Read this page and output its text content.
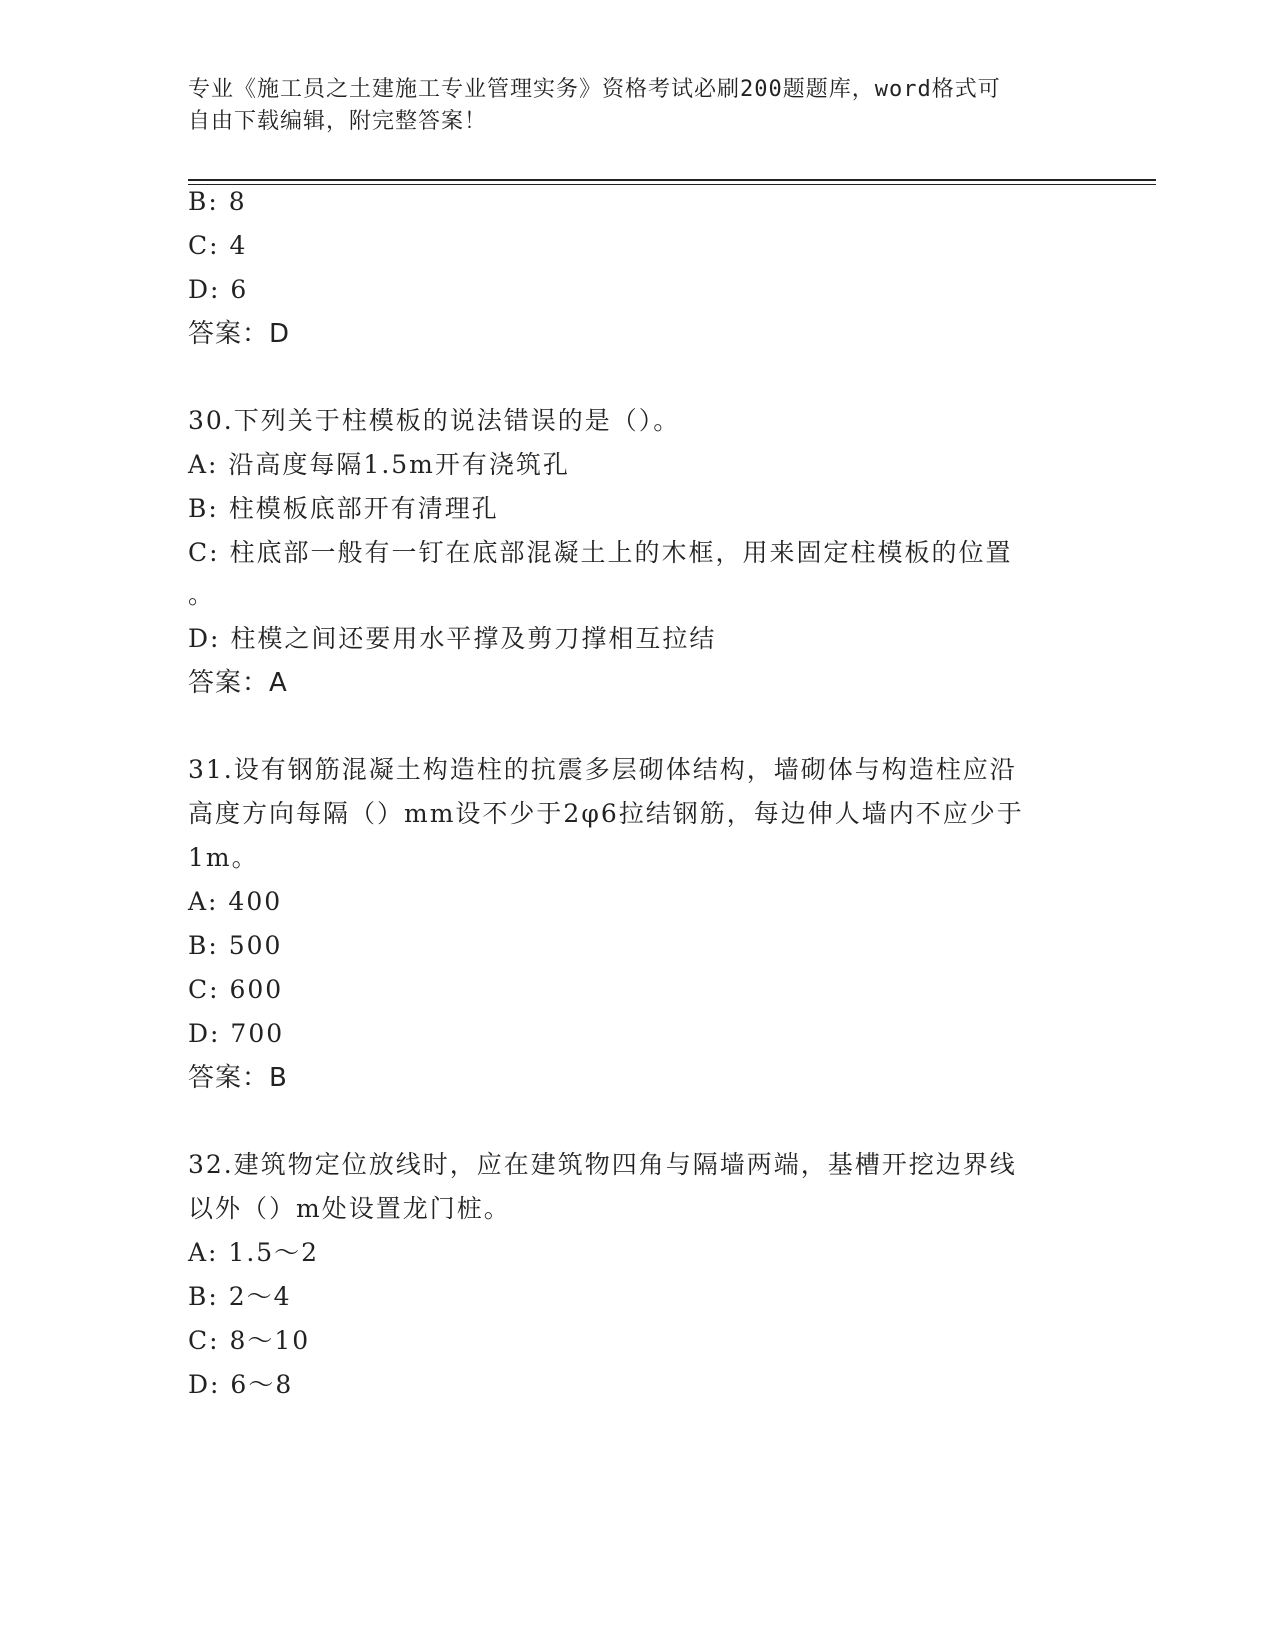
专业《施工员之土建施工专业管理实务》资格考试必刷200题题库，word格式可
自由下载编辑，附完整答案！
B: 8
C: 4
D: 6
答案：D
30.下列关于柱模板的说法错误的是（）。
A: 沿高度每隔1.5m开有浇筑孔
B: 柱模板底部开有清理孔
C: 柱底部一般有一钉在底部混凝土上的木框，用来固定柱模板的位置
。
D: 柱模之间还要用水平撑及剪刀撑相互拉结
答案：A
31.设有钢筋混凝土构造柱的抗震多层砌体结构，墙砌体与构造柱应沿
高度方向每隔（）mm设不少于2φ6拉结钢筋，每边伸人墙内不应少于
1m。
A: 400
B: 500
C: 600
D: 700
答案：B
32.建筑物定位放线时，应在建筑物四角与隔墙两端，基槽开挖边界线
以外（）m处设置龙门桩。
A: 1.5～2
B: 2～4
C: 8～10
D: 6～8
